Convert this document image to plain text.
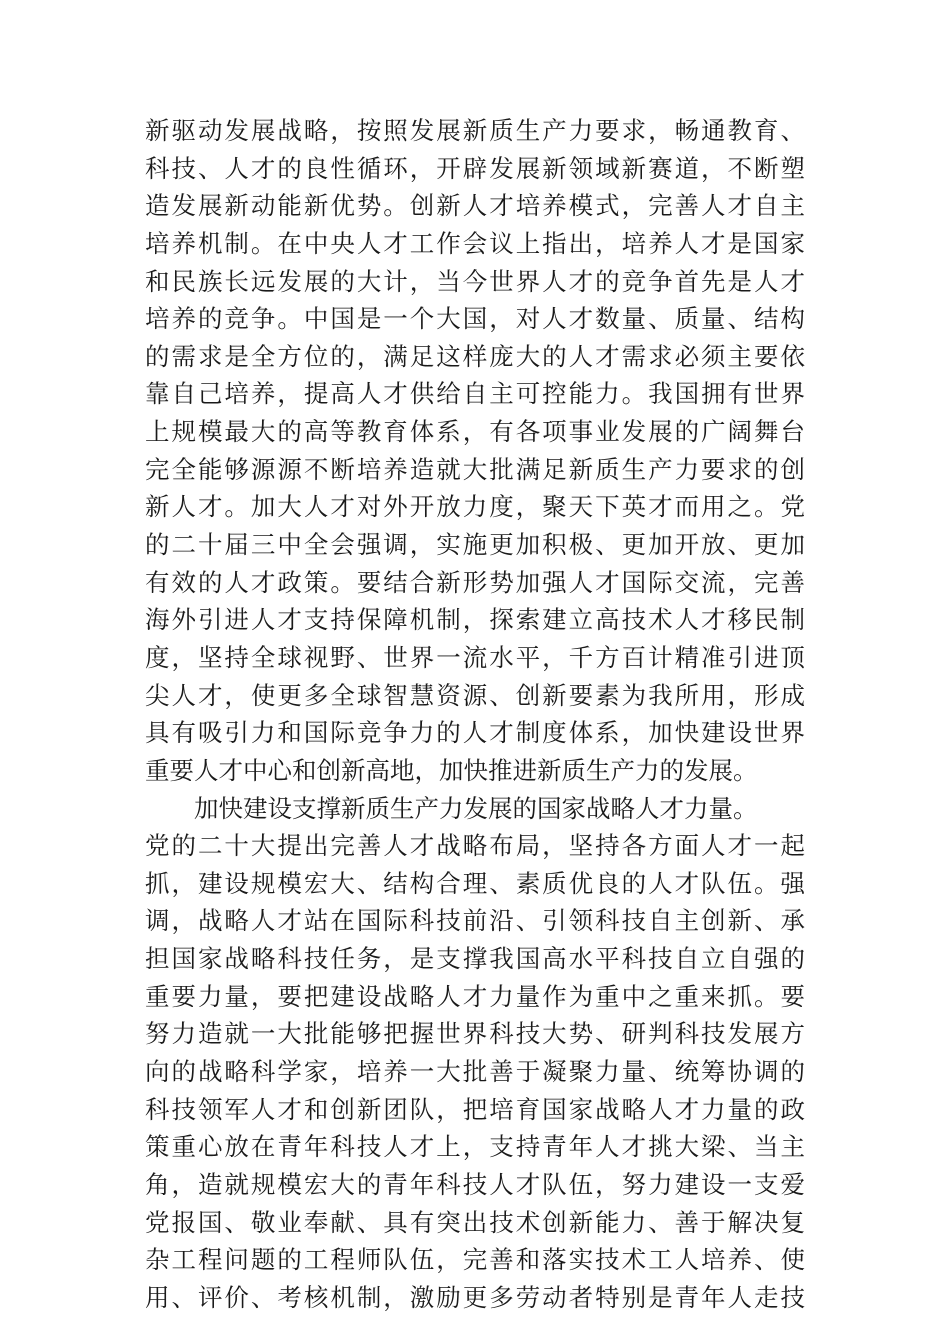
新驱动发展战略，按照发展新质生产力要求，畅通教育、
科技、人才的良性循环，开辟发展新领域新赛道，不断塑
造发展新动能新优势。创新人才培养模式，完善人才自主
培养机制。在中央人才工作会议上指出，培养人才是国家
和民族长远发展的大计，当今世界人才的竞争首先是人才
培养的竞争。中国是一个大国，对人才数量、质量、结构
的需求是全方位的，满足这样庞大的人才需求必须主要依
靠自己培养，提高人才供给自主可控能力。我国拥有世界
上规模最大的高等教育体系，有各项事业发展的广阔舞台
完全能够源源不断培养造就大批满足新质生产力要求的创
新人才。加大人才对外开放力度，聚天下英才而用之。党
的二十届三中全会强调，实施更加积极、更加开放、更加
有效的人才政策。要结合新形势加强人才国际交流，完善
海外引进人才支持保障机制，探索建立高技术人才移民制
度，坚持全球视野、世界一流水平，千方百计精准引进顶
尖人才，使更多全球智慧资源、创新要素为我所用，形成
具有吸引力和国际竞争力的人才制度体系，加快建设世界
重要人才中心和创新高地，加快推进新质生产力的发展。
加快建设支撑新质生产力发展的国家战略人才力量。
党的二十大提出完善人才战略布局，坚持各方面人才一起
抓，建设规模宏大、结构合理、素质优良的人才队伍。强
调，战略人才站在国际科技前沿、引领科技自主创新、承
担国家战略科技任务，是支撑我国高水平科技自立自强的
重要力量，要把建设战略人才力量作为重中之重来抓。要
努力造就一大批能够把握世界科技大势、研判科技发展方
向的战略科学家，培养一大批善于凝聚力量、统筹协调的
科技领军人才和创新团队，把培育国家战略人才力量的政
策重心放在青年科技人才上，支持青年人才挑大梁、当主
角，造就规模宏大的青年科技人才队伍，努力建设一支爱
党报国、敬业奉献、具有突出技术创新能力、善于解决复
杂工程问题的工程师队伍，完善和落实技术工人培养、使
用、评价、考核机制，激励更多劳动者特别是青年人走技
